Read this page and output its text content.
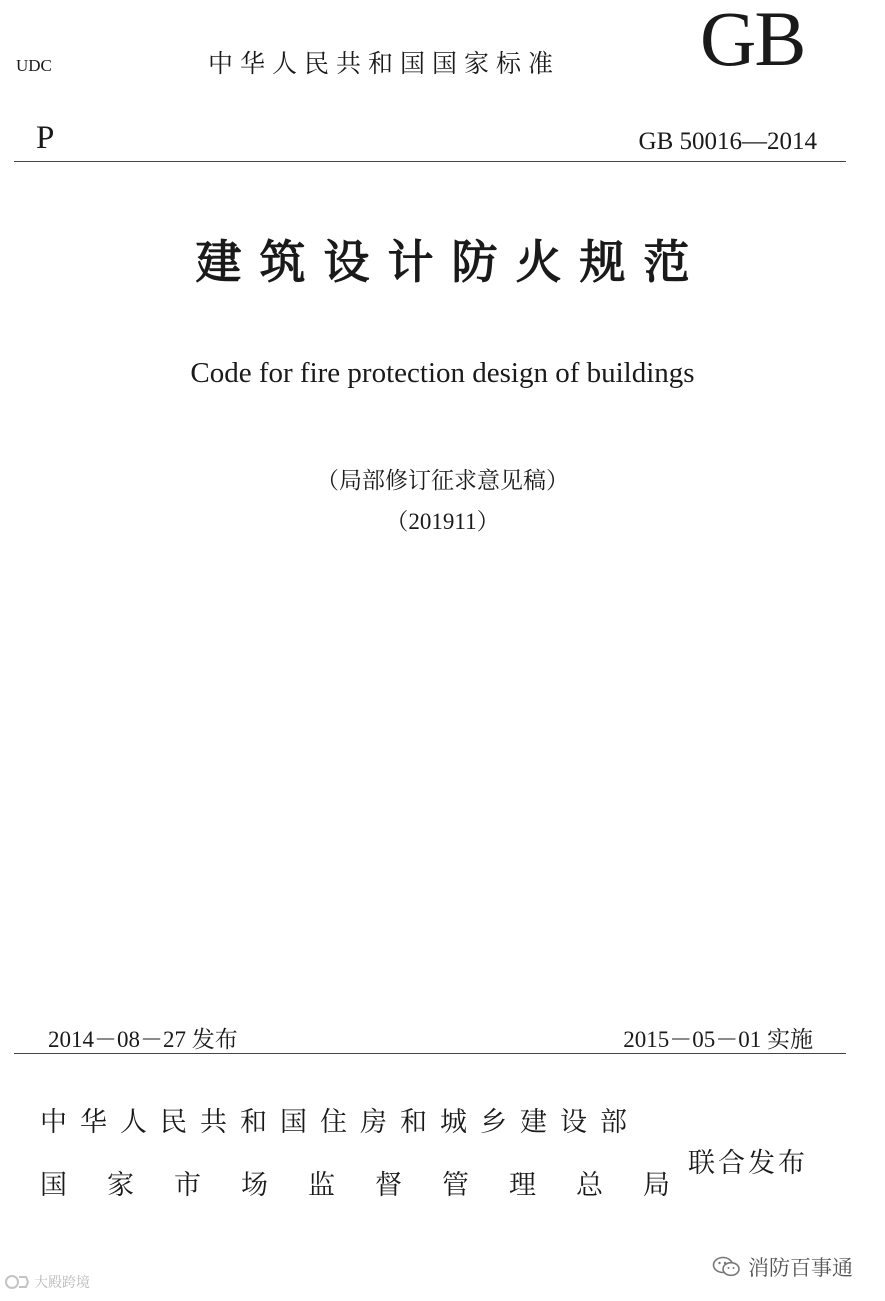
UDC	中华人民共和国国家标准 GB
P	GB 50016—2014
建筑设计防火规范
Code for fire protection design of buildings
（局部修订征求意见稿）
（201911）
2014－08－27 发布	2015－05－01 实施
中华人民共和国住房和城乡建设部
国 家 市 场 监 督 管 理 总 局
联合发布
大殿跨境
消防百事通
